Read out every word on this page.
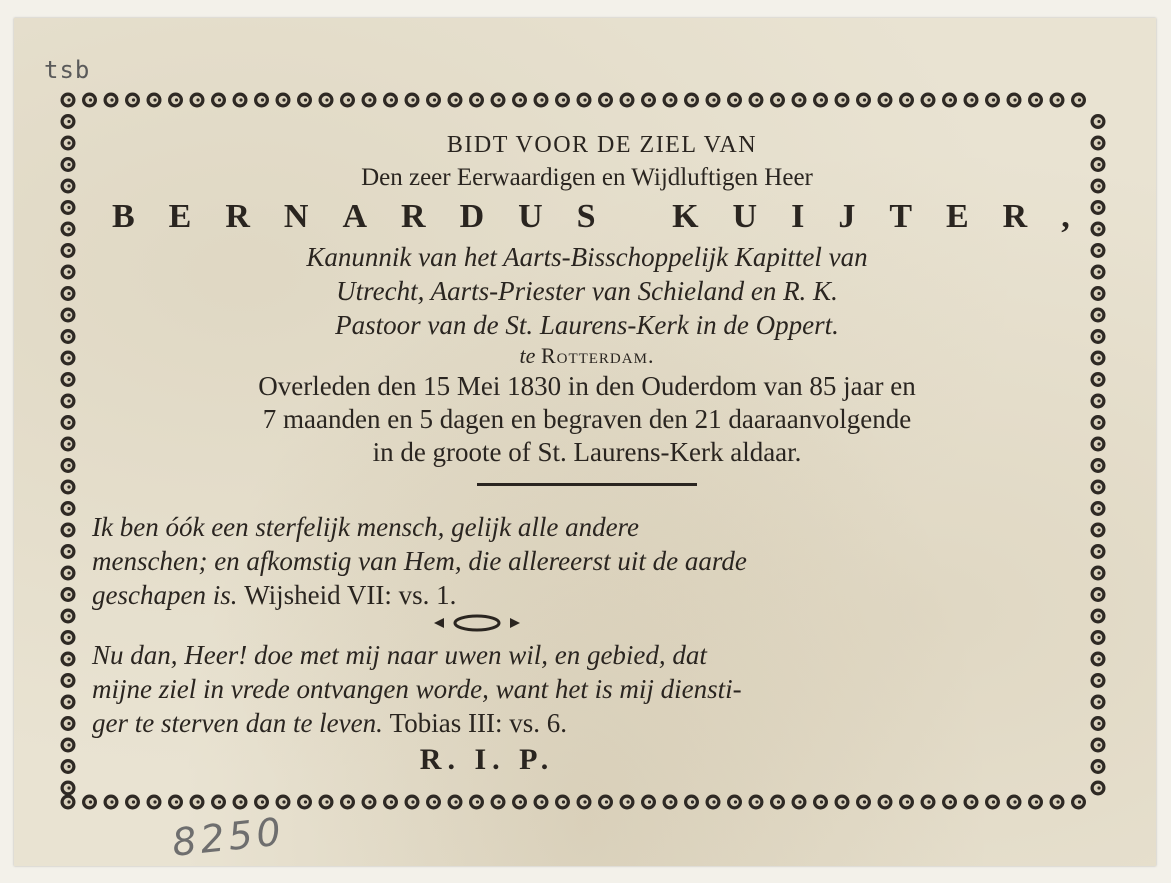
tsb

BIDT VOOR DE ZIEL VAN

Den zeer Eerwaardigen en Wijdluftigen Heer

BERNARDUS KUIJTER,

Kanunnik van het Aarts-Bisschoppelijk Kapittel van

Utrecht, Aarts-Priester van Schieland en R. K.

Pastoor van de St. Laurens-Kerk in de Oppert.

te Rotterdam.

Overleden den 15 Mei 1830 in den Ouderdom van 85 jaar en

7 maanden en 5 dagen en begraven den 21 daaraanvolgende

in de groote of St. Laurens-Kerk aldaar.

Ik ben óók een sterfelijk mensch, gelijk alle andere

menschen; en afkomstig van Hem, die allereerst uit de aarde

geschapen is. Wijsheid VII: vs. 1.

Nu dan, Heer! doe met mij naar uwen wil, en gebied, dat

mijne ziel in vrede ontvangen worde, want het is mij diensti-

ger te sterven dan te leven. Tobias III: vs. 6.

R. I. P.

8250
